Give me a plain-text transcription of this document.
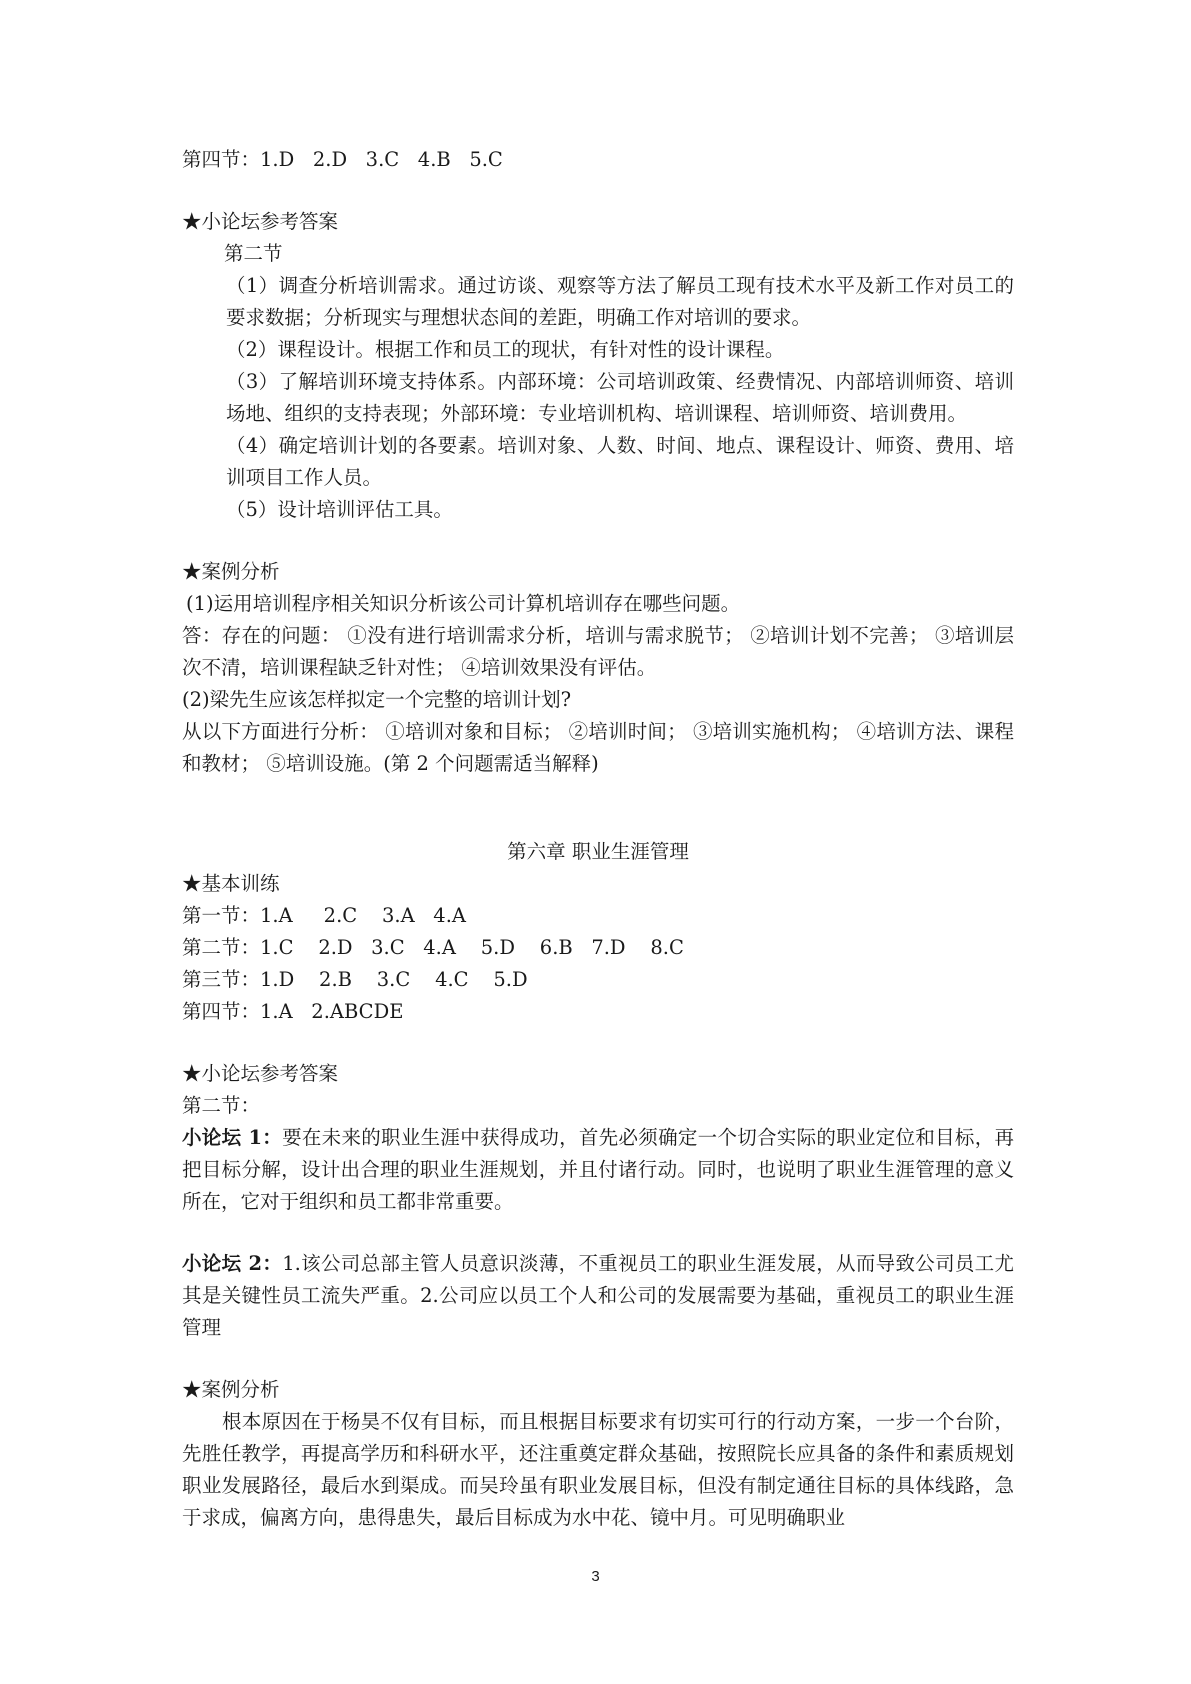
第四节：1.D   2.D   3.C   4.B   5.C

★小论坛参考答案

第二节

（1）调查分析培训需求。通过访谈、观察等方法了解员工现有技术水平及新工作对员工的要求数据；分析现实与理想状态间的差距，明确工作对培训的要求。

（2）课程设计。根据工作和员工的现状，有针对性的设计课程。

（3）了解培训环境支持体系。内部环境：公司培训政策、经费情况、内部培训师资、培训场地、组织的支持表现；外部环境：专业培训机构、培训课程、培训师资、培训费用。

（4）确定培训计划的各要素。培训对象、人数、时间、地点、课程设计、师资、费用、培训项目工作人员。

（5）设计培训评估工具。

★案例分析

(1)运用培训程序相关知识分析该公司计算机培训存在哪些问题。

答：存在的问题： ①没有进行培训需求分析，培训与需求脱节； ②培训计划不完善； ③培训层次不清，培训课程缺乏针对性； ④培训效果没有评估。

(2)梁先生应该怎样拟定一个完整的培训计划?

从以下方面进行分析： ①培训对象和目标； ②培训时间； ③培训实施机构； ④培训方法、课程和教材； ⑤培训设施。(第 2 个问题需适当解释)

第六章 职业生涯管理

★基本训练

第一节：1.A     2.C    3.A   4.A

第二节：1.C    2.D   3.C   4.A    5.D    6.B   7.D    8.C

第三节：1.D    2.B    3.C    4.C    5.D

第四节：1.A   2.ABCDE

★小论坛参考答案

第二节：

小论坛 1：要在未来的职业生涯中获得成功，首先必须确定一个切合实际的职业定位和目标，再把目标分解，设计出合理的职业生涯规划，并且付诸行动。同时，也说明了职业生涯管理的意义所在，它对于组织和员工都非常重要。

小论坛 2：1.该公司总部主管人员意识淡薄，不重视员工的职业生涯发展，从而导致公司员工尤其是关键性员工流失严重。2.公司应以员工个人和公司的发展需要为基础，重视员工的职业生涯管理

★案例分析

根本原因在于杨昊不仅有目标，而且根据目标要求有切实可行的行动方案，一步一个台阶，先胜任教学，再提高学历和科研水平，还注重奠定群众基础，按照院长应具备的条件和素质规划职业发展路径，最后水到渠成。而吴玲虽有职业发展目标，但没有制定通往目标的具体线路，急于求成，偏离方向，患得患失，最后目标成为水中花、镜中月。可见明确职业

3
